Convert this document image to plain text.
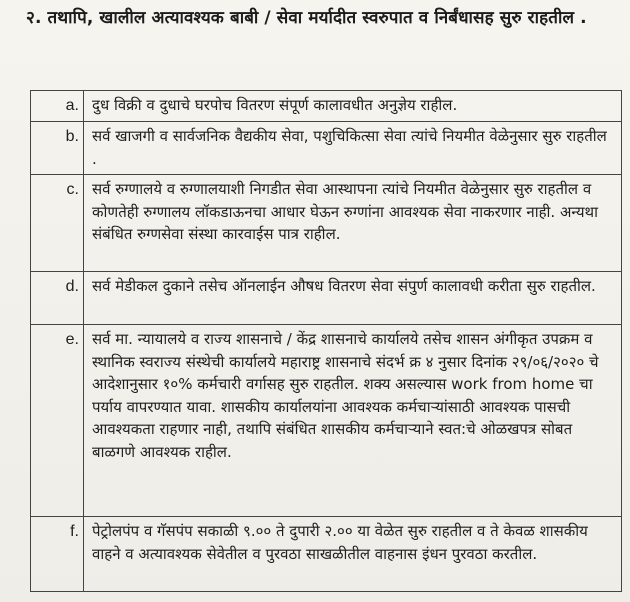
२. तथापि, खालील अत्यावश्यक बाबी / सेवा मर्यादीत स्वरुपात व निर्बंधासह सुरु राहतील .
a.	दुध विक्री व दुधाचे घरपोच वितरण संपूर्ण कालावधीत अनुज्ञेय राहील.
b.	सर्व खाजगी व सार्वजनिक वैद्यकीय सेवा, पशुचिकित्सा सेवा त्यांचे नियमीत वेळेनुसार सुरु राहतील .
c.	सर्व रुग्णालये व रुग्णालयाशी निगडीत सेवा आस्थापना त्यांचे नियमीत वेळेनुसार सुरु राहतील व कोणतेही रुग्णालय लॉकडाऊनचा आधार घेऊन रुग्णांना आवश्यक सेवा नाकरणार नाही. अन्यथा संबंधित रुग्णसेवा संस्था कारवाईस पात्र राहील.
d.	सर्व मेडीकल दुकाने तसेच ऑनलाईन औषध वितरण सेवा संपुर्ण कालावधी करीता सुरु राहतील.
e.	सर्व मा. न्यायालये व राज्य शासनाचे / केंद्र शासनाचे कार्यालये तसेच शासन अंगीकृत उपक्रम व स्थानिक स्वराज्य संस्थेची कार्यालये महाराष्ट्र शासनाचे संदर्भ क्र ४ नुसार दिनांक २९/०६/२०२० चे आदेशानुसार १०% कर्मचारी वर्गासह सुरु राहतील. शक्य असल्यास work from home चा पर्याय वापरण्यात यावा. शासकीय कार्यालयांना आवश्यक कर्मचाऱ्यांसाठी आवश्यक पासची आवश्यकता राहणार नाही, तथापि संबंधित शासकीय कर्मचाऱ्याने स्वत:चे ओळखपत्र सोबत बाळगणे आवश्यक राहील.
f.	पेट्रोलपंप व गॅसपंप सकाळी ९.०० ते दुपारी २.०० या वेळेत सुरु राहतील व ते केवळ शासकीय वाहने व अत्यावश्यक सेवेतील व पुरवठा साखळीतील वाहनास इंधन पुरवठा करतील.
